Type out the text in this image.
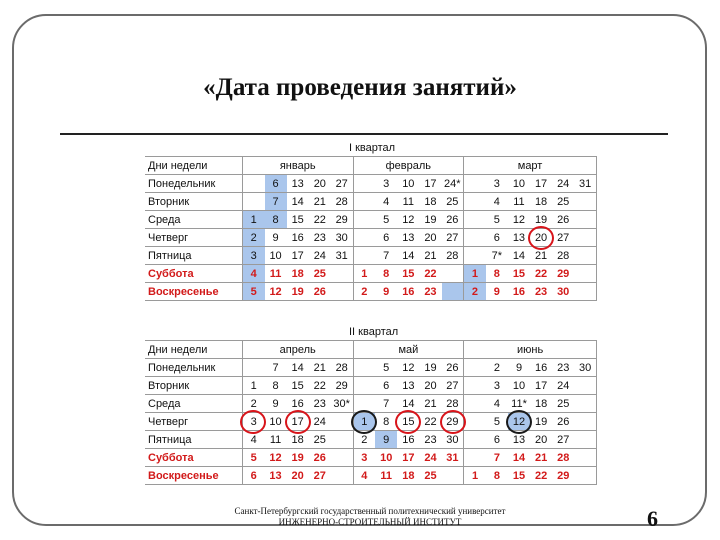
«Дата проведения занятий»
I квартал
Дни недели	январь					февраль					март					
Понедельник		6	13	20	27		3	10	17	24*		3	10	17	24	31
Вторник		7	14	21	28		4	11	18	25		4	11	18	25	
Среда	1	8	15	22	29		5	12	19	26		5	12	19	26	
Четверг	2	9	16	23	30		6	13	20	27		6	13	20	27	
Пятница	3	10	17	24	31		7	14	21	28		7*	14	21	28	
Суббота	4	11	18	25		1	8	15	22		1	8	15	22	29	
Воскресенье	5	12	19	26		2	9	16	23		2	9	16	23	30	
II квартал
Дни недели	апрель					май					июнь					
Понедельник		7	14	21	28		5	12	19	26		2	9	16	23	30
Вторник	1	8	15	22	29		6	13	20	27		3	10	17	24	
Среда	2	9	16	23	30*		7	14	21	28		4	11*	18	25	
Четверг	3	10	17	24		1	8	15	22	29		5	12	19	26	
Пятница	4	11	18	25		2	9	16	23	30		6	13	20	27	
Суббота	5	12	19	26		3	10	17	24	31		7	14	21	28	
Воскресенье	6	13	20	27		4	11	18	25		1	8	15	22	29	
Санкт-Петербургский государственный политехнический университет
ИНЖЕНЕРНО-СТРОИТЕЛЬНЫЙ ИНСТИТУТ	6
